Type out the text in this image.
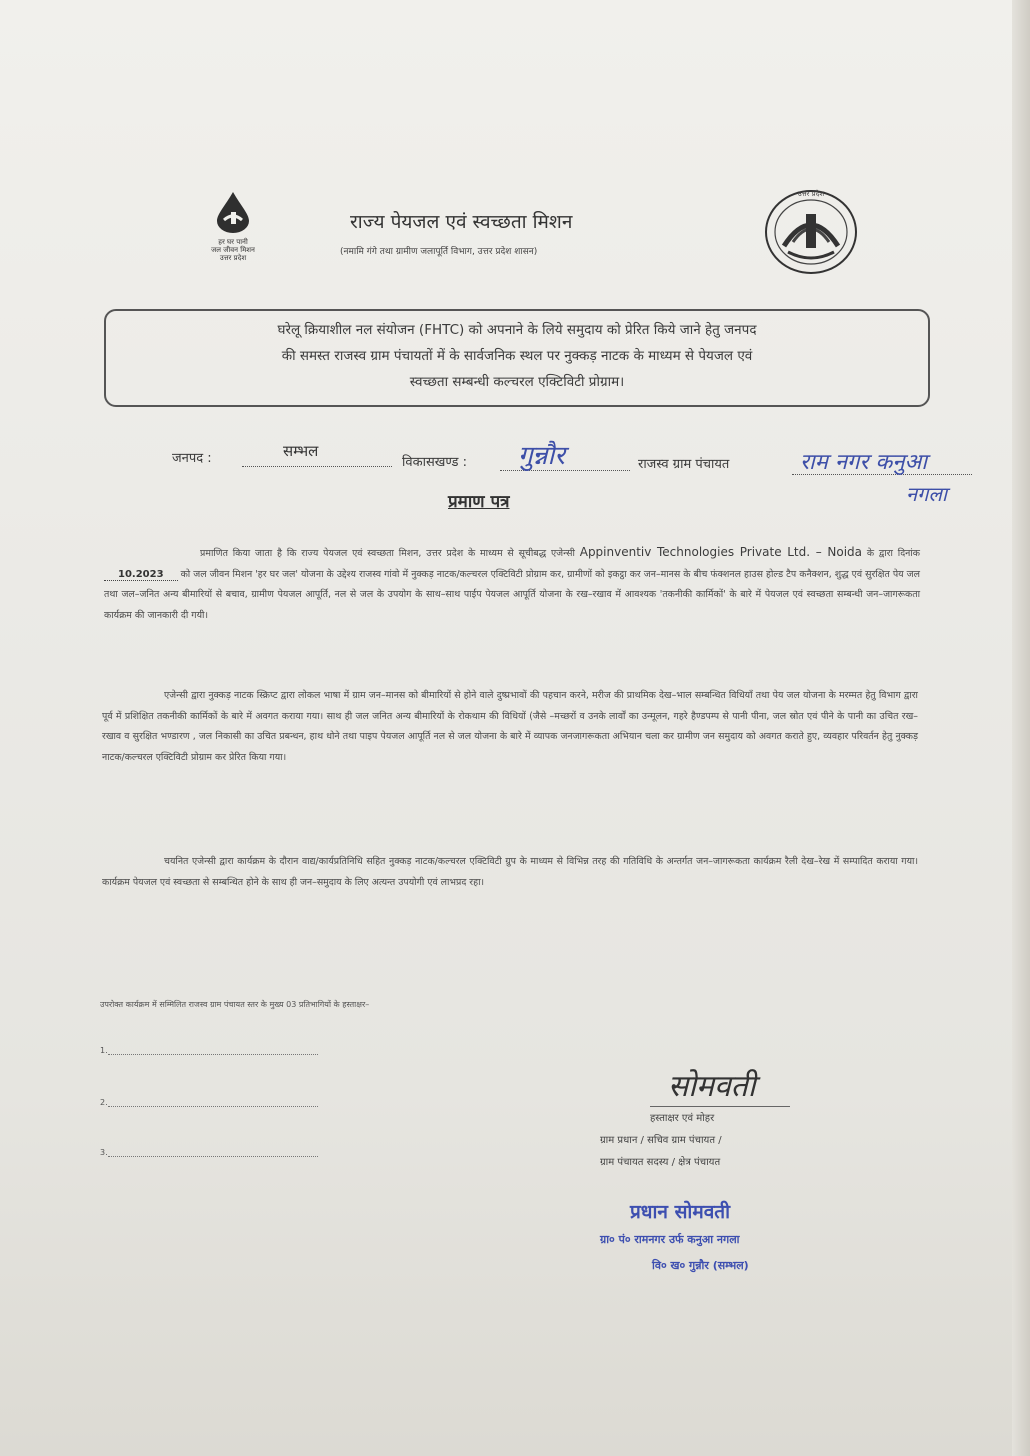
हर घर पानी
जल जीवन मिशन
उत्तर प्रदेश
उत्तर प्रदेश
राज्य पेयजल एवं स्वच्छता मिशन
(नमामि गंगे तथा ग्रामीण जलापूर्ति विभाग, उत्तर प्रदेश शासन)
घरेलू क्रियाशील नल संयोजन (FHTC) को अपनाने के लिये समुदाय को प्रेरित किये जाने हेतु जनपद
की समस्त राजस्व ग्राम पंचायतों में के सार्वजनिक स्थल पर नुक्कड़ नाटक के माध्यम से पेयजल एवं
स्वच्छता सम्बन्धी कल्चरल एक्टिविटी प्रोग्राम।
जनपद :	सम्भल
विकासखण्ड : गुन्नौर	राजस्व ग्राम पंचायत	राम नगर कनुआ
नगला
प्रमाण पत्र
प्रमाणित किया जाता है कि राज्य पेयजल एवं स्वच्छता मिशन, उत्तर प्रदेश के माध्यम से सूचीबद्ध एजेन्सी Appinventiv Technologies Private Ltd. – Noida के द्वारा दिनांक 10.2023 को जल जीवन मिशन 'हर घर जल' योजना के उद्देश्य राजस्व गांवो में नुक्कड़ नाटक/कल्चरल एक्टिविटी प्रोग्राम कर, ग्रामीणों को इकट्ठा कर जन–मानस के बीच फंक्शनल हाउस होल्ड टैप कनैक्शन, शुद्ध एवं सुरक्षित पेय जल तथा जल–जनित अन्य बीमारियों से बचाव, ग्रामीण पेयजल आपूर्ति, नल से जल के उपयोग के साथ–साथ पाईप पेयजल आपूर्ति योजना के रख–रखाव में आवश्यक 'तकनीकी कार्मिकों' के बारे में पेयजल एवं स्वच्छता सम्बन्धी जन–जागरूकता कार्यक्रम की जानकारी दी गयी।
एजेन्सी द्वारा नुक्कड़ नाटक स्क्रिप्ट द्वारा लोकल भाषा में ग्राम जन–मानस को बीमारियों से होने वाले दुष्प्रभावों की पहचान करने, मरीज की प्राथमिक देख–भाल सम्बन्धित विधियाँ तथा पेय जल योजना के मरम्मत हेतु विभाग द्वारा पूर्व में प्रशिक्षित तकनीकी कार्मिकों के बारे में अवगत कराया गया। साथ ही जल जनित अन्य बीमारियों के रोकथाम की विधियों (जैसे –मच्छरों व उनके लार्वों का उन्मूलन, गहरे हैण्डपम्प से पानी पीना, जल स्रोत एवं पीने के पानी का उचित रख–रखाव व सुरक्षित भण्डारण , जल निकासी का उचित प्रबन्धन, हाथ धोने तथा पाइप पेयजल आपूर्ति नल से जल योजना के बारे में व्यापक जनजागरूकता अभियान चला कर ग्रामीण जन समुदाय को अवगत कराते हुए, व्यवहार परिवर्तन हेतु नुक्कड़ नाटक/कल्चरल एक्टिविटी प्रोग्राम कर प्रेरित किया गया।
चयनित एजेन्सी द्वारा कार्यक्रम के दौरान वाद्य/कार्यप्रतिनिधि सहित नुक्कड़ नाटक/कल्चरल एक्टिविटी ग्रुप के माध्यम से विभिन्न तरह की गतिविधि के अन्तर्गत जन–जागरूकता कार्यक्रम रैली देख–रेख में सम्पादित कराया गया। कार्यक्रम पेयजल एवं स्वच्छता से सम्बन्धित होने के साथ ही जन–समुदाय के लिए अत्यन्त उपयोगी एवं लाभप्रद रहा।
उपरोक्त कार्यक्रम में सम्मिलित राजस्व ग्राम पंचायत स्तर के मुख्य 03 प्रतिभागियों के हस्ताक्षर–
1.
2.
3.
सोमवती
हस्ताक्षर एवं मोहर
ग्राम प्रधान / सचिव ग्राम पंचायत /
ग्राम पंचायत सदस्य / क्षेत्र पंचायत
प्रधान सोमवती
ग्रा० पं० रामनगर उर्फ कनुआ नगला
वि० ख० गुन्नौर (सम्भल)
